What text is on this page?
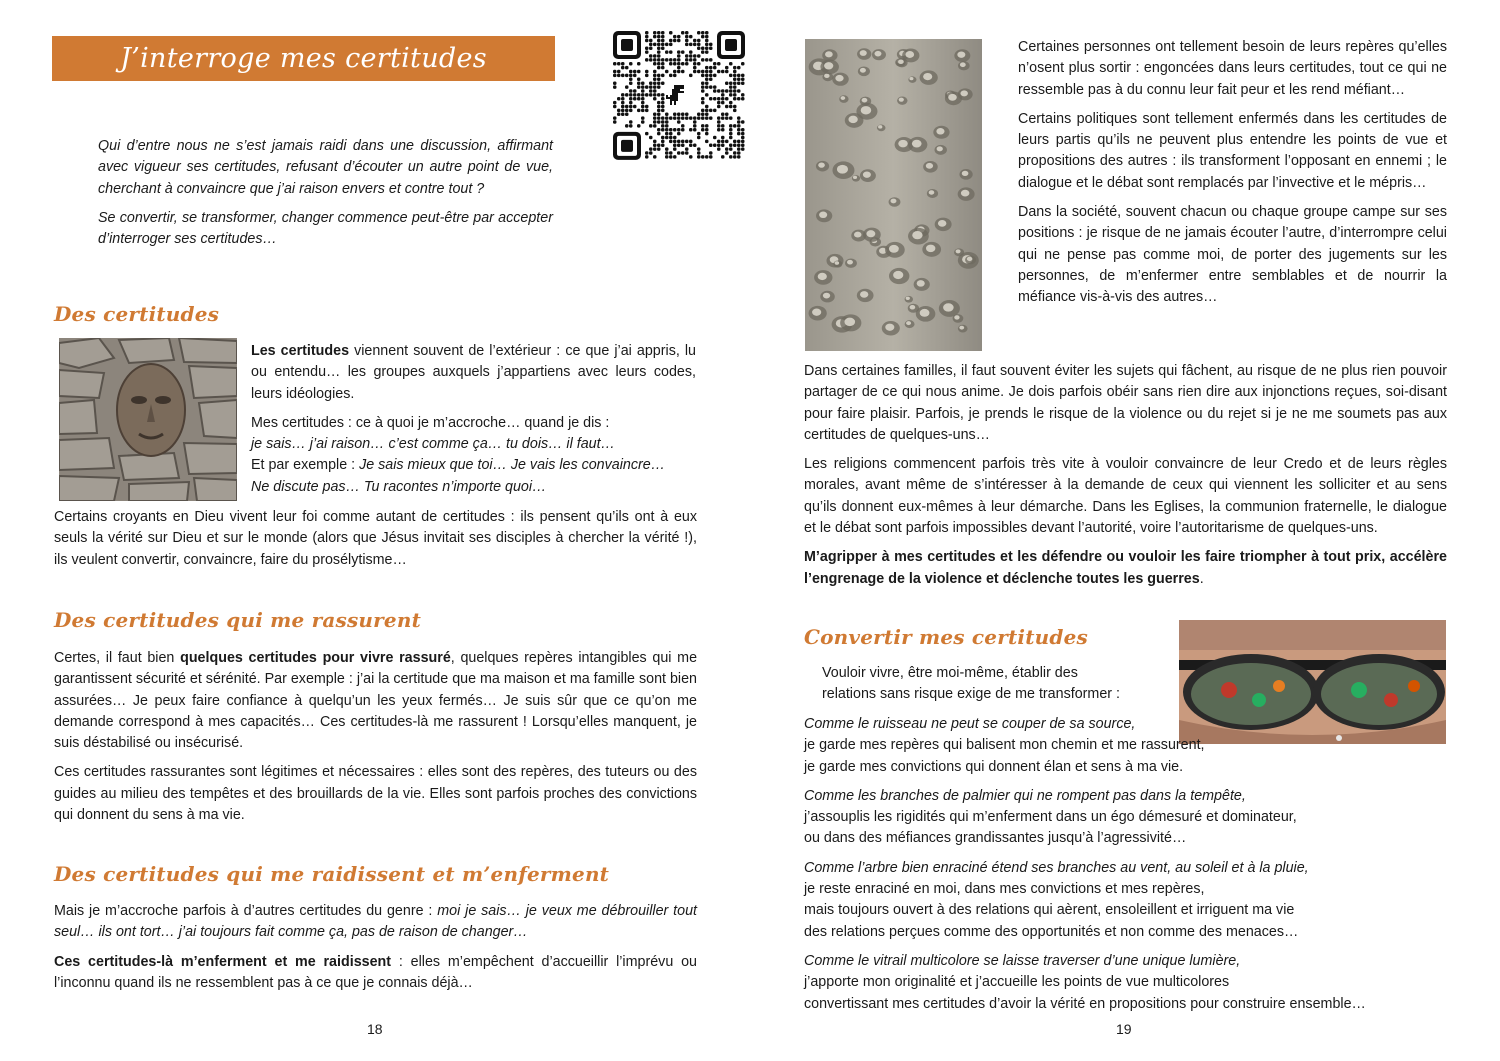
J’interroge mes certitudes

Qui d’entre nous ne s’est jamais raidi dans une discussion, affirmant avec vigueur ses certitudes, refusant d’écouter un autre point de vue, cherchant à convaincre que j’ai raison envers et contre tout ?

Se convertir, se transformer, changer commence peut-être par accepter d’interroger ses certitudes…

Des certitudes

Les certitudes viennent souvent de l’extérieur : ce que j’ai appris, lu ou entendu… les groupes auxquels j’appartiens avec leurs codes, leurs idéologies.

Mes certitudes : ce à quoi je m’accroche… quand je dis :
je sais… j’ai raison… c’est comme ça… tu dois… il faut…
Et par exemple : Je sais mieux que toi… Je vais les convaincre…
Ne discute pas… Tu racontes n’importe quoi…

Certains croyants en Dieu vivent leur foi comme autant de certitudes : ils pensent qu’ils ont à eux seuls la vérité sur Dieu et sur le monde (alors que Jésus invitait ses disciples à chercher la vérité !), ils veulent convertir, convaincre, faire du prosélytisme…
Des certitudes qui me rassurent

Certes, il faut bien quelques certitudes pour vivre rassuré, quelques repères intangibles qui me garantissent sécurité et sérénité. Par exemple : j’ai la certitude que ma maison et ma famille sont bien assurées… Je peux faire confiance à quelqu’un les yeux fermés… Je suis sûr que ce qu’on me demande correspond à mes capacités… Ces certitudes-là me rassurent ! Lorsqu’elles manquent, je suis déstabilisé ou insécurisé.

Ces certitudes rassurantes sont légitimes et nécessaires : elles sont des repères, des tuteurs ou des guides au milieu des tempêtes et des brouillards de la vie. Elles sont parfois proches des convictions qui donnent du sens à ma vie.

Des certitudes qui me raidissent et m’enferment

Mais je m’accroche parfois à d’autres certitudes du genre : moi je sais… je veux me débrouiller tout seul… ils ont tort… j’ai toujours fait comme ça, pas de raison de changer…

Ces certitudes-là m’enferment et me raidissent : elles m’empêchent d’accueillir l’imprévu ou l’inconnu quand ils ne ressemblent pas à ce que je connais déjà…

18

Certaines personnes ont tellement besoin de leurs repères qu’elles n’osent plus sortir : engoncées dans leurs certitudes, tout ce qui ne ressemble pas à du connu leur fait peur et les rend méfiant…

Certains politiques sont tellement enfermés dans les certitudes de leurs partis qu’ils ne peuvent plus entendre les points de vue et propositions des autres : ils transforment l’opposant en ennemi ; le dialogue et le débat sont remplacés par l’invective et le mépris…

Dans la société, souvent chacun ou chaque groupe campe sur ses positions : je risque de ne jamais écouter l’autre, d’interrompre celui qui ne pense pas comme moi, de porter des jugements sur les personnes, de m’enfermer entre semblables et de nourrir la méfiance vis-à-vis des autres…

Dans certaines familles, il faut souvent éviter les sujets qui fâchent, au risque de ne plus rien pouvoir partager de ce qui nous anime. Je dois parfois obéir sans rien dire aux injonctions reçues, soi-disant pour faire plaisir. Parfois, je prends le risque de la violence ou du rejet si je ne me soumets pas aux certitudes de quelques-uns…

Les religions commencent parfois très vite à vouloir convaincre de leur Credo et de leurs règles morales, avant même de s’intéresser à la demande de ceux qui viennent les solliciter et au sens qu’ils donnent eux-mêmes à leur démarche. Dans les Eglises, la communion fraternelle, le dialogue et le débat sont parfois impossibles devant l’autorité, voire l’autoritarisme de quelques-uns.

M’agripper à mes certitudes et les défendre ou vouloir les faire triompher à tout prix, accélère l’engrenage de la violence et déclenche toutes les guerres.

Convertir mes certitudes
Vouloir vivre, être moi-même, établir des
relations sans risque exige de me transformer :

Comme le ruisseau ne peut se couper de sa source,
je garde mes repères qui balisent mon chemin et me rassurent,
je garde mes convictions qui donnent élan et sens à ma vie.

Comme les branches de palmier qui ne rompent pas dans la tempête,
j’assouplis les rigidités qui m’enferment dans un égo démesuré et dominateur,
ou dans des méfiances grandissantes jusqu’à l’agressivité…

Comme l’arbre bien enraciné étend ses branches au vent, au soleil et à la pluie,
je reste enraciné en moi, dans mes convictions et mes repères,
mais toujours ouvert à des relations qui aèrent, ensoleillent et irriguent ma vie
des relations perçues comme des opportunités et non comme des menaces…

Comme le vitrail multicolore se laisse traverser d’une unique lumière,
j’apporte mon originalité et j’accueille les points de vue multicolores
convertissant mes certitudes d’avoir la vérité en propositions pour construire ensemble…

19
